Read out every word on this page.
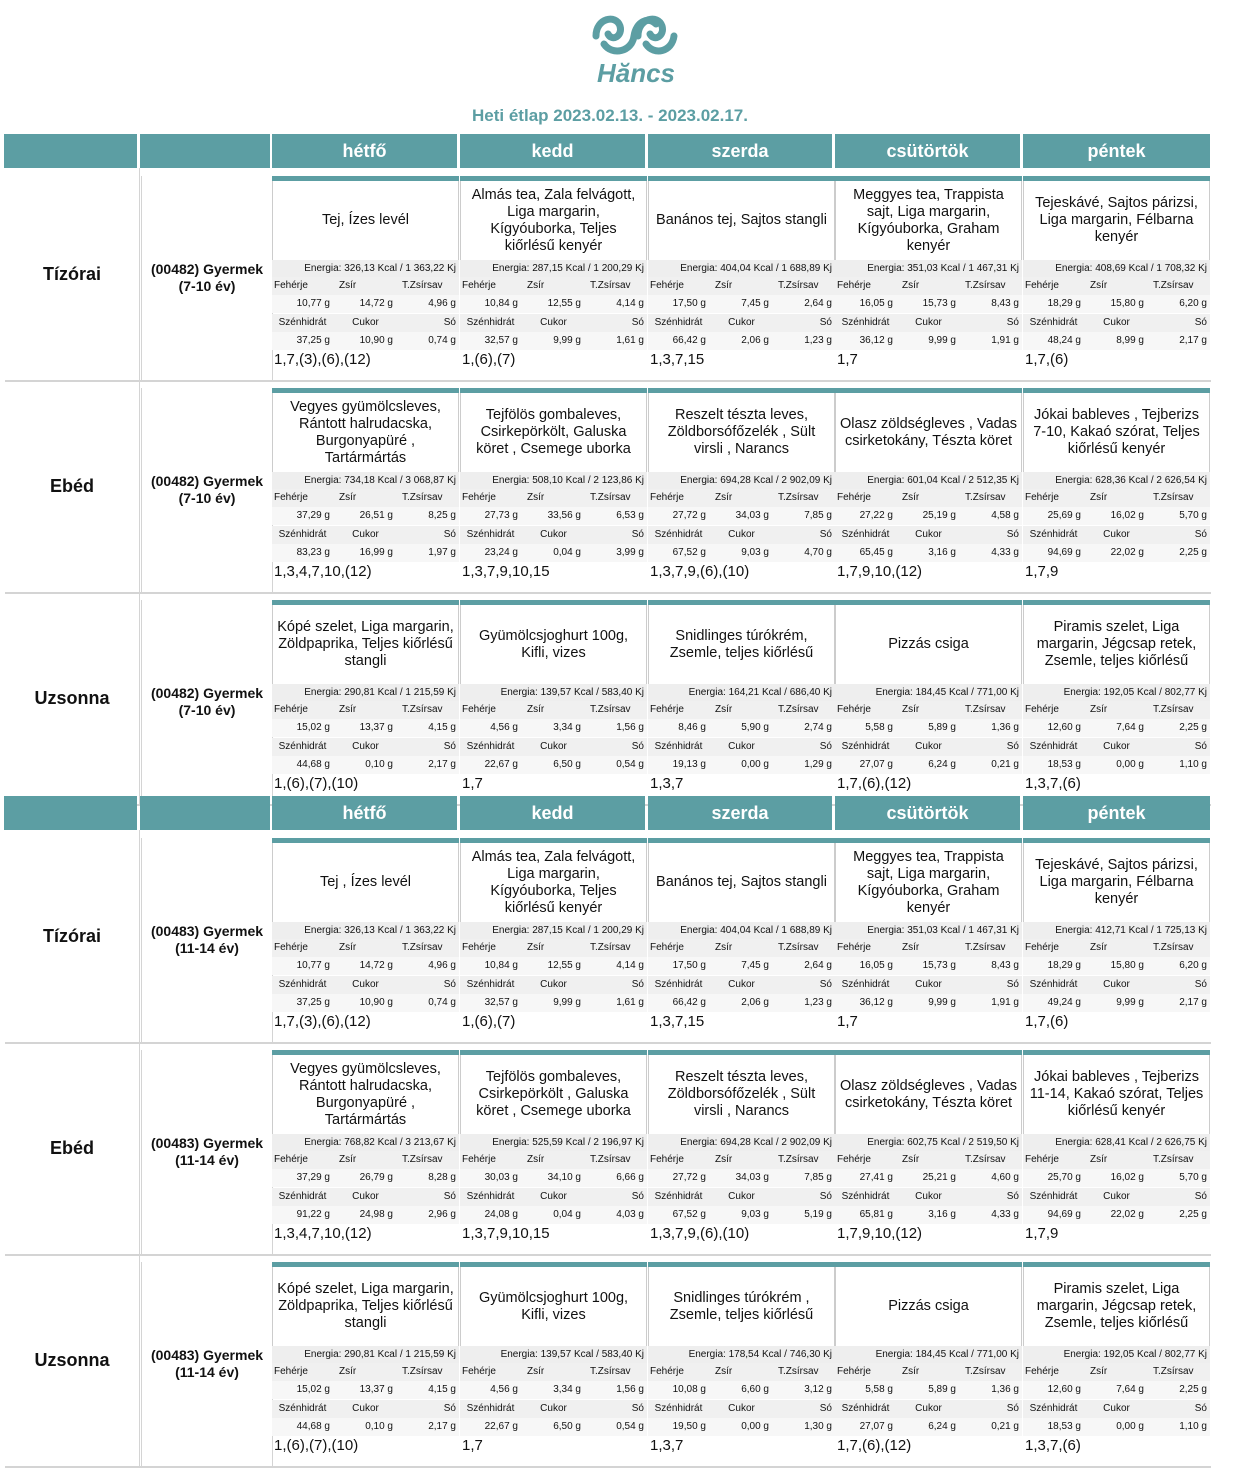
Hăncs
Heti étlap 2023.02.13. - 2023.02.17.
hétfő	kedd	szerda	csütörtök	péntek
Tízórai	(00482) Gyermek
(7-10 év)
Tej, Ízes levél
Energia: 326,13 Kcal / 1 363,22 Kj
Fehérje	Zsír	T.Zsírsav
10,77 g	14,72 g	4,96 g
Szénhidrát	Cukor	Só
37,25 g	10,90 g	0,74 g
1,7,(3),(6),(12)
Almás tea, Zala felvágott, Liga margarin, Kígyóuborka, Teljes kiőrlésű kenyér
Energia: 287,15 Kcal / 1 200,29 Kj
Fehérje	Zsír	T.Zsírsav
10,84 g	12,55 g	4,14 g
Szénhidrát	Cukor	Só
32,57 g	9,99 g	1,61 g
1,(6),(7)
Banános tej, Sajtos stangli
Energia: 404,04 Kcal / 1 688,89 Kj
Fehérje	Zsír	T.Zsírsav
17,50 g	7,45 g	2,64 g
Szénhidrát	Cukor	Só
66,42 g	2,06 g	1,23 g
1,3,7,15
Meggyes tea, Trappista sajt, Liga margarin, Kígyóuborka, Graham kenyér
Energia: 351,03 Kcal / 1 467,31 Kj
Fehérje	Zsír	T.Zsírsav
16,05 g	15,73 g	8,43 g
Szénhidrát	Cukor	Só
36,12 g	9,99 g	1,91 g
1,7
Tejeskávé, Sajtos párizsi, Liga margarin, Félbarna kenyér
Energia: 408,69 Kcal / 1 708,32 Kj
Fehérje	Zsír	T.Zsírsav
18,29 g	15,80 g	6,20 g
Szénhidrát	Cukor	Só
48,24 g	8,99 g	2,17 g
1,7,(6)
Ebéd	(00482) Gyermek
(7-10 év)
Vegyes gyümölcsleves, Rántott halrudacska, Burgonyapüré , Tartármártás
Energia: 734,18 Kcal / 3 068,87 Kj
Fehérje	Zsír	T.Zsírsav
37,29 g	26,51 g	8,25 g
Szénhidrát	Cukor	Só
83,23 g	16,99 g	1,97 g
1,3,4,7,10,(12)
Tejfölös gombaleves, Csirkepörkölt, Galuska köret , Csemege uborka
Energia: 508,10 Kcal / 2 123,86 Kj
Fehérje	Zsír	T.Zsírsav
27,73 g	33,56 g	6,53 g
Szénhidrát	Cukor	Só
23,24 g	0,04 g	3,99 g
1,3,7,9,10,15
Reszelt tészta leves, Zöldborsófőzelék , Sült virsli , Narancs
Energia: 694,28 Kcal / 2 902,09 Kj
Fehérje	Zsír	T.Zsírsav
27,72 g	34,03 g	7,85 g
Szénhidrát	Cukor	Só
67,52 g	9,03 g	4,70 g
1,3,7,9,(6),(10)
Olasz zöldségleves , Vadas csirketokány, Tészta köret
Energia: 601,04 Kcal / 2 512,35 Kj
Fehérje	Zsír	T.Zsírsav
27,22 g	25,19 g	4,58 g
Szénhidrát	Cukor	Só
65,45 g	3,16 g	4,33 g
1,7,9,10,(12)
Jókai bableves , Tejberizs 7-10, Kakaó szórat, Teljes kiőrlésű kenyér
Energia: 628,36 Kcal / 2 626,54 Kj
Fehérje	Zsír	T.Zsírsav
25,69 g	16,02 g	5,70 g
Szénhidrát	Cukor	Só
94,69 g	22,02 g	2,25 g
1,7,9
Uzsonna	(00482) Gyermek
(7-10 év)
Kópé szelet, Liga margarin, Zöldpaprika, Teljes kiőrlésű stangli
Energia: 290,81 Kcal / 1 215,59 Kj
Fehérje	Zsír	T.Zsírsav
15,02 g	13,37 g	4,15 g
Szénhidrát	Cukor	Só
44,68 g	0,10 g	2,17 g
1,(6),(7),(10)
Gyümölcsjoghurt 100g, Kifli, vizes
Energia: 139,57 Kcal / 583,40 Kj
Fehérje	Zsír	T.Zsírsav
4,56 g	3,34 g	1,56 g
Szénhidrát	Cukor	Só
22,67 g	6,50 g	0,54 g
1,7
Snidlinges túrókrém, Zsemle, teljes kiőrlésű
Energia: 164,21 Kcal / 686,40 Kj
Fehérje	Zsír	T.Zsírsav
8,46 g	5,90 g	2,74 g
Szénhidrát	Cukor	Só
19,13 g	0,00 g	1,29 g
1,3,7
Pizzás csiga
Energia: 184,45 Kcal / 771,00 Kj
Fehérje	Zsír	T.Zsírsav
5,58 g	5,89 g	1,36 g
Szénhidrát	Cukor	Só
27,07 g	6,24 g	0,21 g
1,7,(6),(12)
Piramis szelet, Liga margarin, Jégcsap retek, Zsemle, teljes kiőrlésű
Energia: 192,05 Kcal / 802,77 Kj
Fehérje	Zsír	T.Zsírsav
12,60 g	7,64 g	2,25 g
Szénhidrát	Cukor	Só
18,53 g	0,00 g	1,10 g
1,3,7,(6)
hétfő	kedd	szerda	csütörtök	péntek
Tízórai	(00483) Gyermek
(11-14 év)
Tej , Ízes levél
Energia: 326,13 Kcal / 1 363,22 Kj
Fehérje	Zsír	T.Zsírsav
10,77 g	14,72 g	4,96 g
Szénhidrát	Cukor	Só
37,25 g	10,90 g	0,74 g
1,7,(3),(6),(12)
Almás tea, Zala felvágott, Liga margarin, Kígyóuborka, Teljes kiőrlésű kenyér
Energia: 287,15 Kcal / 1 200,29 Kj
Fehérje	Zsír	T.Zsírsav
10,84 g	12,55 g	4,14 g
Szénhidrát	Cukor	Só
32,57 g	9,99 g	1,61 g
1,(6),(7)
Banános tej, Sajtos stangli
Energia: 404,04 Kcal / 1 688,89 Kj
Fehérje	Zsír	T.Zsírsav
17,50 g	7,45 g	2,64 g
Szénhidrát	Cukor	Só
66,42 g	2,06 g	1,23 g
1,3,7,15
Meggyes tea, Trappista sajt, Liga margarin, Kígyóuborka, Graham kenyér
Energia: 351,03 Kcal / 1 467,31 Kj
Fehérje	Zsír	T.Zsírsav
16,05 g	15,73 g	8,43 g
Szénhidrát	Cukor	Só
36,12 g	9,99 g	1,91 g
1,7
Tejeskávé, Sajtos párizsi, Liga margarin, Félbarna kenyér
Energia: 412,71 Kcal / 1 725,13 Kj
Fehérje	Zsír	T.Zsírsav
18,29 g	15,80 g	6,20 g
Szénhidrát	Cukor	Só
49,24 g	9,99 g	2,17 g
1,7,(6)
Ebéd	(00483) Gyermek
(11-14 év)
Vegyes gyümölcsleves, Rántott halrudacska, Burgonyapüré , Tartármártás
Energia: 768,82 Kcal / 3 213,67 Kj
Fehérje	Zsír	T.Zsírsav
37,29 g	26,79 g	8,28 g
Szénhidrát	Cukor	Só
91,22 g	24,98 g	2,96 g
1,3,4,7,10,(12)
Tejfölös gombaleves, Csirkepörkölt , Galuska köret , Csemege uborka
Energia: 525,59 Kcal / 2 196,97 Kj
Fehérje	Zsír	T.Zsírsav
30,03 g	34,10 g	6,66 g
Szénhidrát	Cukor	Só
24,08 g	0,04 g	4,03 g
1,3,7,9,10,15
Reszelt tészta leves, Zöldborsófőzelék , Sült virsli , Narancs
Energia: 694,28 Kcal / 2 902,09 Kj
Fehérje	Zsír	T.Zsírsav
27,72 g	34,03 g	7,85 g
Szénhidrát	Cukor	Só
67,52 g	9,03 g	5,19 g
1,3,7,9,(6),(10)
Olasz zöldségleves , Vadas csirketokány, Tészta köret
Energia: 602,75 Kcal / 2 519,50 Kj
Fehérje	Zsír	T.Zsírsav
27,41 g	25,21 g	4,60 g
Szénhidrát	Cukor	Só
65,81 g	3,16 g	4,33 g
1,7,9,10,(12)
Jókai bableves , Tejberizs 11-14, Kakaó szórat, Teljes kiőrlésű kenyér
Energia: 628,41 Kcal / 2 626,75 Kj
Fehérje	Zsír	T.Zsírsav
25,70 g	16,02 g	5,70 g
Szénhidrát	Cukor	Só
94,69 g	22,02 g	2,25 g
1,7,9
Uzsonna	(00483) Gyermek
(11-14 év)
Kópé szelet, Liga margarin, Zöldpaprika, Teljes kiőrlésű stangli
Energia: 290,81 Kcal / 1 215,59 Kj
Fehérje	Zsír	T.Zsírsav
15,02 g	13,37 g	4,15 g
Szénhidrát	Cukor	Só
44,68 g	0,10 g	2,17 g
1,(6),(7),(10)
Gyümölcsjoghurt 100g, Kifli, vizes
Energia: 139,57 Kcal / 583,40 Kj
Fehérje	Zsír	T.Zsírsav
4,56 g	3,34 g	1,56 g
Szénhidrát	Cukor	Só
22,67 g	6,50 g	0,54 g
1,7
Snidlinges túrókrém , Zsemle, teljes kiőrlésű
Energia: 178,54 Kcal / 746,30 Kj
Fehérje	Zsír	T.Zsírsav
10,08 g	6,60 g	3,12 g
Szénhidrát	Cukor	Só
19,50 g	0,00 g	1,30 g
1,3,7
Pizzás csiga
Energia: 184,45 Kcal / 771,00 Kj
Fehérje	Zsír	T.Zsírsav
5,58 g	5,89 g	1,36 g
Szénhidrát	Cukor	Só
27,07 g	6,24 g	0,21 g
1,7,(6),(12)
Piramis szelet, Liga margarin, Jégcsap retek, Zsemle, teljes kiőrlésű
Energia: 192,05 Kcal / 802,77 Kj
Fehérje	Zsír	T.Zsírsav
12,60 g	7,64 g	2,25 g
Szénhidrát	Cukor	Só
18,53 g	0,00 g	1,10 g
1,3,7,(6)
